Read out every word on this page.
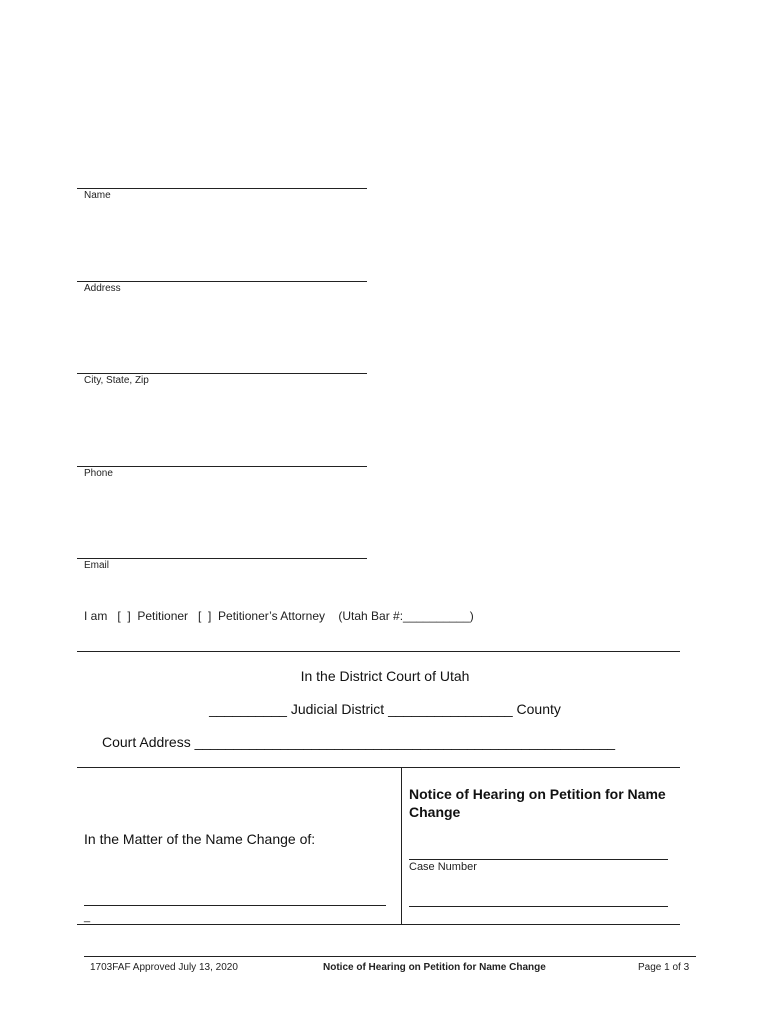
Name
Address
City, State, Zip
Phone
Email
I am   [  ]  Petitioner   [  ]  Petitioner’s Attorney    (Utah Bar #:__________)
In the District Court of Utah
__________ Judicial District ________________ County
Court Address ______________________________________________________
Notice of Hearing on Petition for Name Change
In the Matter of the Name Change of:
Case Number
_
1703FAF Approved July 13, 2020	Notice of Hearing on Petition for Name Change	Page 1 of 3
